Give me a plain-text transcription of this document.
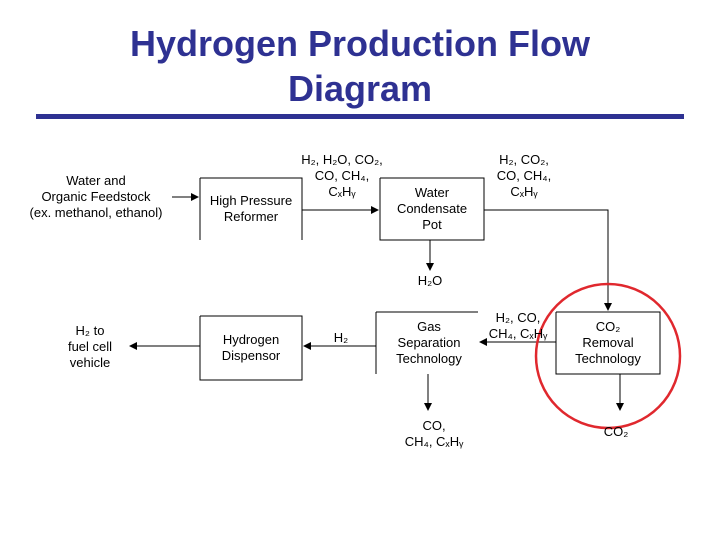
Hydrogen Production Flow
Diagram
Water and
Organic Feedstock
(ex. methanol, ethanol)
High Pressure
Reformer
Water
Condensate
Pot
CO₂
Removal
Technology
Gas
Separation
Technology
Hydrogen
Dispensor
H₂ to
fuel cell
vehicle
H₂, H₂O, CO₂,
CO, CH₄,
CₓHᵧ
H₂, CO₂,
CO, CH₄,
CₓHᵧ
H₂O
H₂, CO,
CH₄, CₓHᵧ
CO₂
H₂
CO,
CH₄, CₓHᵧ
